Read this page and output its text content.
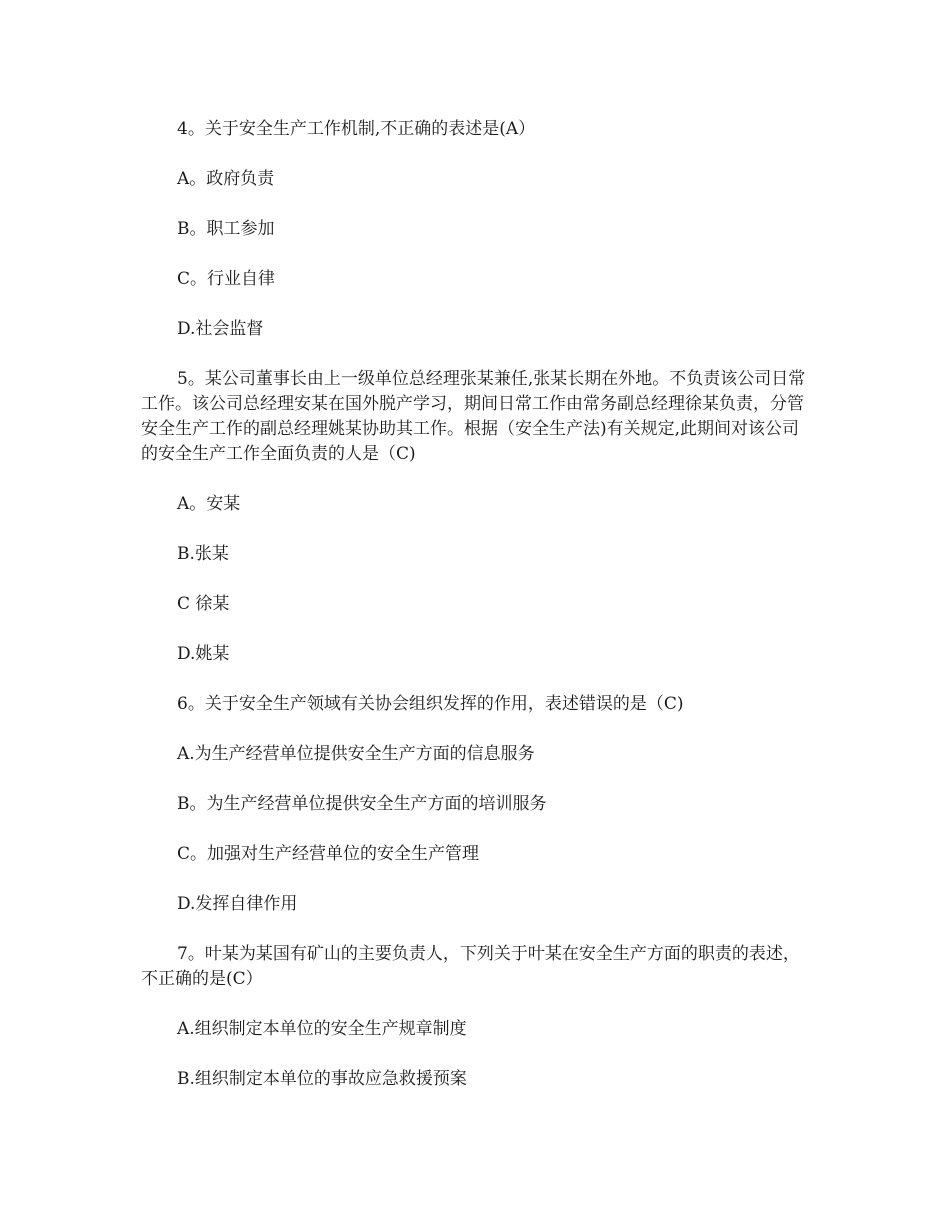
4。关于安全生产工作机制,不正确的表述是(A）

A。政府负责

B。职工参加

C。行业自律

D.社会监督

5。某公司董事长由上一级单位总经理张某兼任,张某长期在外地。不负责该公司日常工作。该公司总经理安某在国外脱产学习，期间日常工作由常务副总经理徐某负责，分管安全生产工作的副总经理姚某协助其工作。根据（安全生产法)有关规定,此期间对该公司的安全生产工作全面负责的人是（C)

A。安某

B.张某

C 徐某

D.姚某

6。关于安全生产领域有关协会组织发挥的作用，表述错误的是（C)

A.为生产经营单位提供安全生产方面的信息服务

B。为生产经营单位提供安全生产方面的培训服务

C。加强对生产经营单位的安全生产管理

D.发挥自律作用

7。叶某为某国有矿山的主要负责人，下列关于叶某在安全生产方面的职责的表述，不正确的是(C）

A.组织制定本单位的安全生产规章制度

B.组织制定本单位的事故应急救援预案
